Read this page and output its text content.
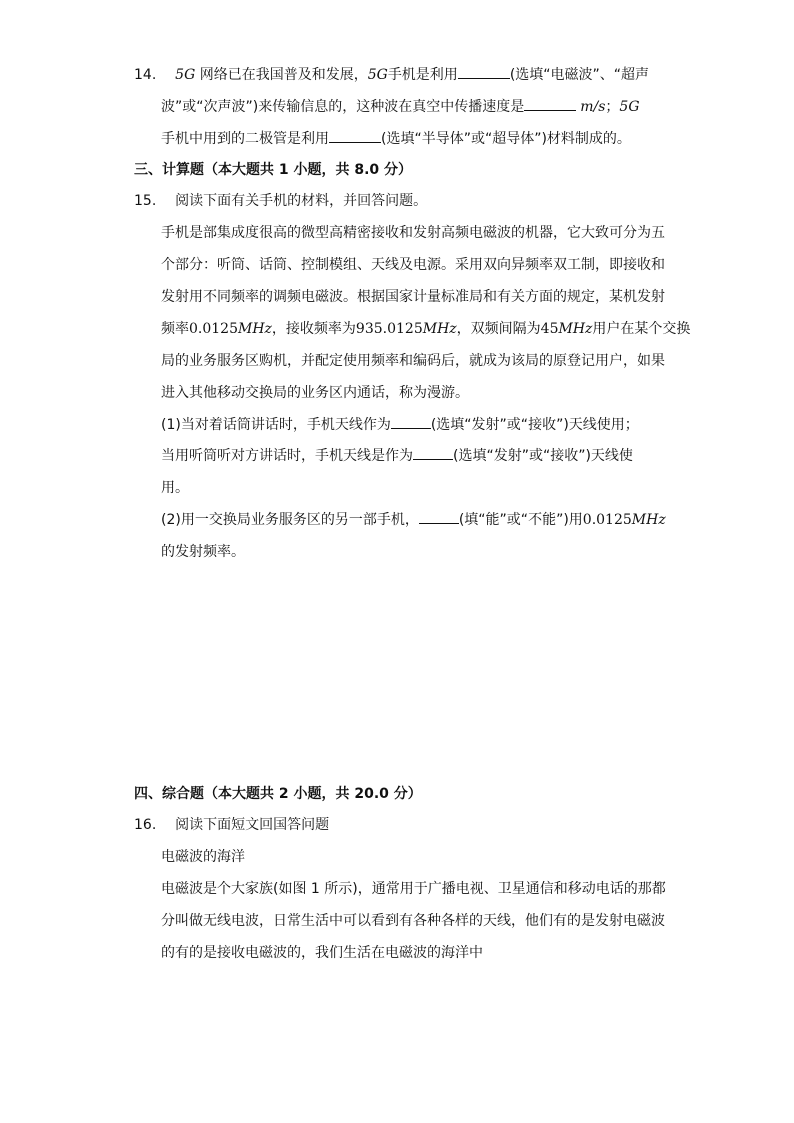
14. 5G 网络已在我国普及和发展，5G手机是利用	(选填“电磁波”、“超声
波”或“次声波”)来传输信息的，这种波在真空中传播速度是	m/s；5G
手机中用到的二极管是利用	(选填“半导体”或“超导体”)材料制成的。
三、计算题（本大题共 1 小题，共 8.0 分）
15. 阅读下面有关手机的材料，并回答问题。
手机是部集成度很高的微型高精密接收和发射高频电磁波的机器，它大致可分为五
个部分：听筒、话筒、控制模组、天线及电源。采用双向异频率双工制，即接收和
发射用不同频率的调频电磁波。根据国家计量标准局和有关方面的规定，某机发射
频率0.0125MHz，接收频率为935.0125MHz，双频间隔为45MHz用户在某个交换
局的业务服务区购机，并配定使用频率和编码后，就成为该局的原登记用户，如果
进入其他移动交换局的业务区内通话，称为漫游。
(1)当对着话筒讲话时，手机天线作为	(选填“发射”或“接收”)天线使用；
当用听筒听对方讲话时，手机天线是作为	(选填“发射”或“接收”)天线使
用。
(2)用一交换局业务服务区的另一部手机，	(填“能”或“不能”)用0.0125MHz
的发射频率。
四、综合题（本大题共 2 小题，共 20.0 分）
16. 阅读下面短文回国答问题
电磁波的海洋
电磁波是个大家族(如图 1 所示)，通常用于广播电视、卫星通信和移动电话的那都
分叫做无线电波，日常生活中可以看到有各种各样的天线，他们有的是发射电磁波
的有的是接收电磁波的，我们生活在电磁波的海洋中
